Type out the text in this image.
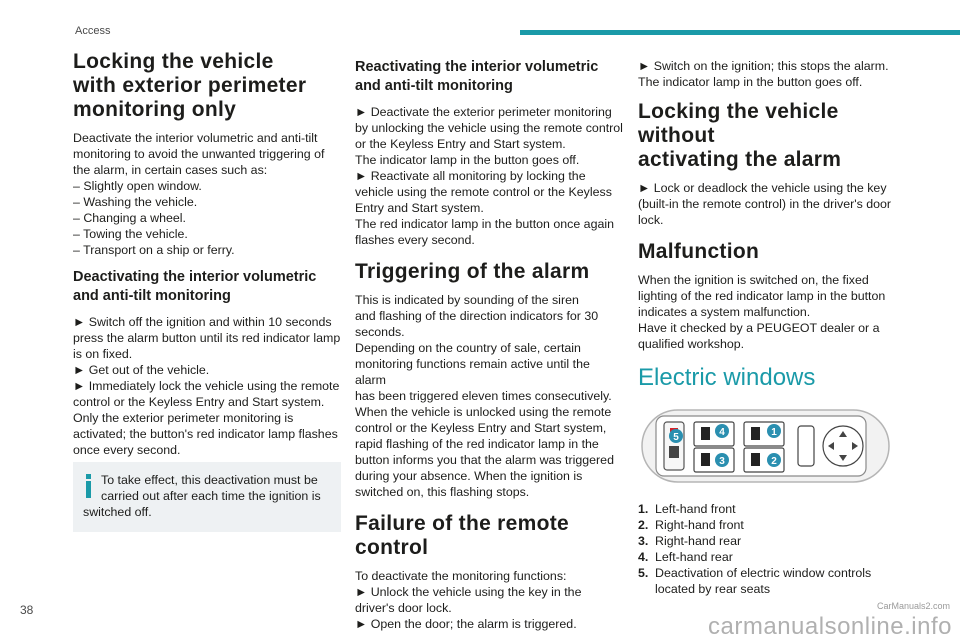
Access
Locking the vehicle
with exterior perimeter
monitoring only

Deactivate the interior volumetric and anti-tilt
monitoring to avoid the unwanted triggering of
the alarm, in certain cases such as:
– Slightly open window.
– Washing the vehicle.
– Changing a wheel.
– Towing the vehicle.
– Transport on a ship or ferry.

Deactivating the interior volumetric
and anti-tilt monitoring

► Switch off the ignition and within 10 seconds
press the alarm button until its red indicator lamp
is on fixed.
► Get out of the vehicle.
► Immediately lock the vehicle using the remote
control or the Keyless Entry and Start system.
Only the exterior perimeter monitoring is
activated; the button's red indicator lamp flashes
once every second.

To take effect, this deactivation must be
carried out after each time the ignition is
switched off.

Reactivating the interior volumetric
and anti-tilt monitoring

► Deactivate the exterior perimeter monitoring
by unlocking the vehicle using the remote control
or the Keyless Entry and Start system.
The indicator lamp in the button goes off.
► Reactivate all monitoring by locking the
vehicle using the remote control or the Keyless
Entry and Start system.
The red indicator lamp in the button once again
flashes every second.

Triggering of the alarm

This is indicated by sounding of the siren
and flashing of the direction indicators for 30
seconds.
Depending on the country of sale, certain
monitoring functions remain active until the alarm
has been triggered eleven times consecutively.
When the vehicle is unlocked using the remote
control or the Keyless Entry and Start system,
rapid flashing of the red indicator lamp in the
button informs you that the alarm was triggered
during your absence. When the ignition is
switched on, this flashing stops.

Failure of the remote control

To deactivate the monitoring functions:
► Unlock the vehicle using the key in the
driver's door lock.
► Open the door; the alarm is triggered.

► Switch on the ignition; this stops the alarm.
The indicator lamp in the button goes off.

Locking the vehicle without
activating the alarm

► Lock or deadlock the vehicle using the key
(built-in the remote control) in the driver's door
lock.

Malfunction

When the ignition is switched on, the fixed
lighting of the red indicator lamp in the button
indicates a system malfunction.
Have it checked by a PEUGEOT dealer or a
qualified workshop.

Electric windows
1
2
3
4
5
1. Left-hand front
2. Right-hand front
3. Right-hand rear
4. Left-hand rear
5. Deactivation of electric window controls located by rear seats
38	CarManuals2.com
carmanualsonline.info
